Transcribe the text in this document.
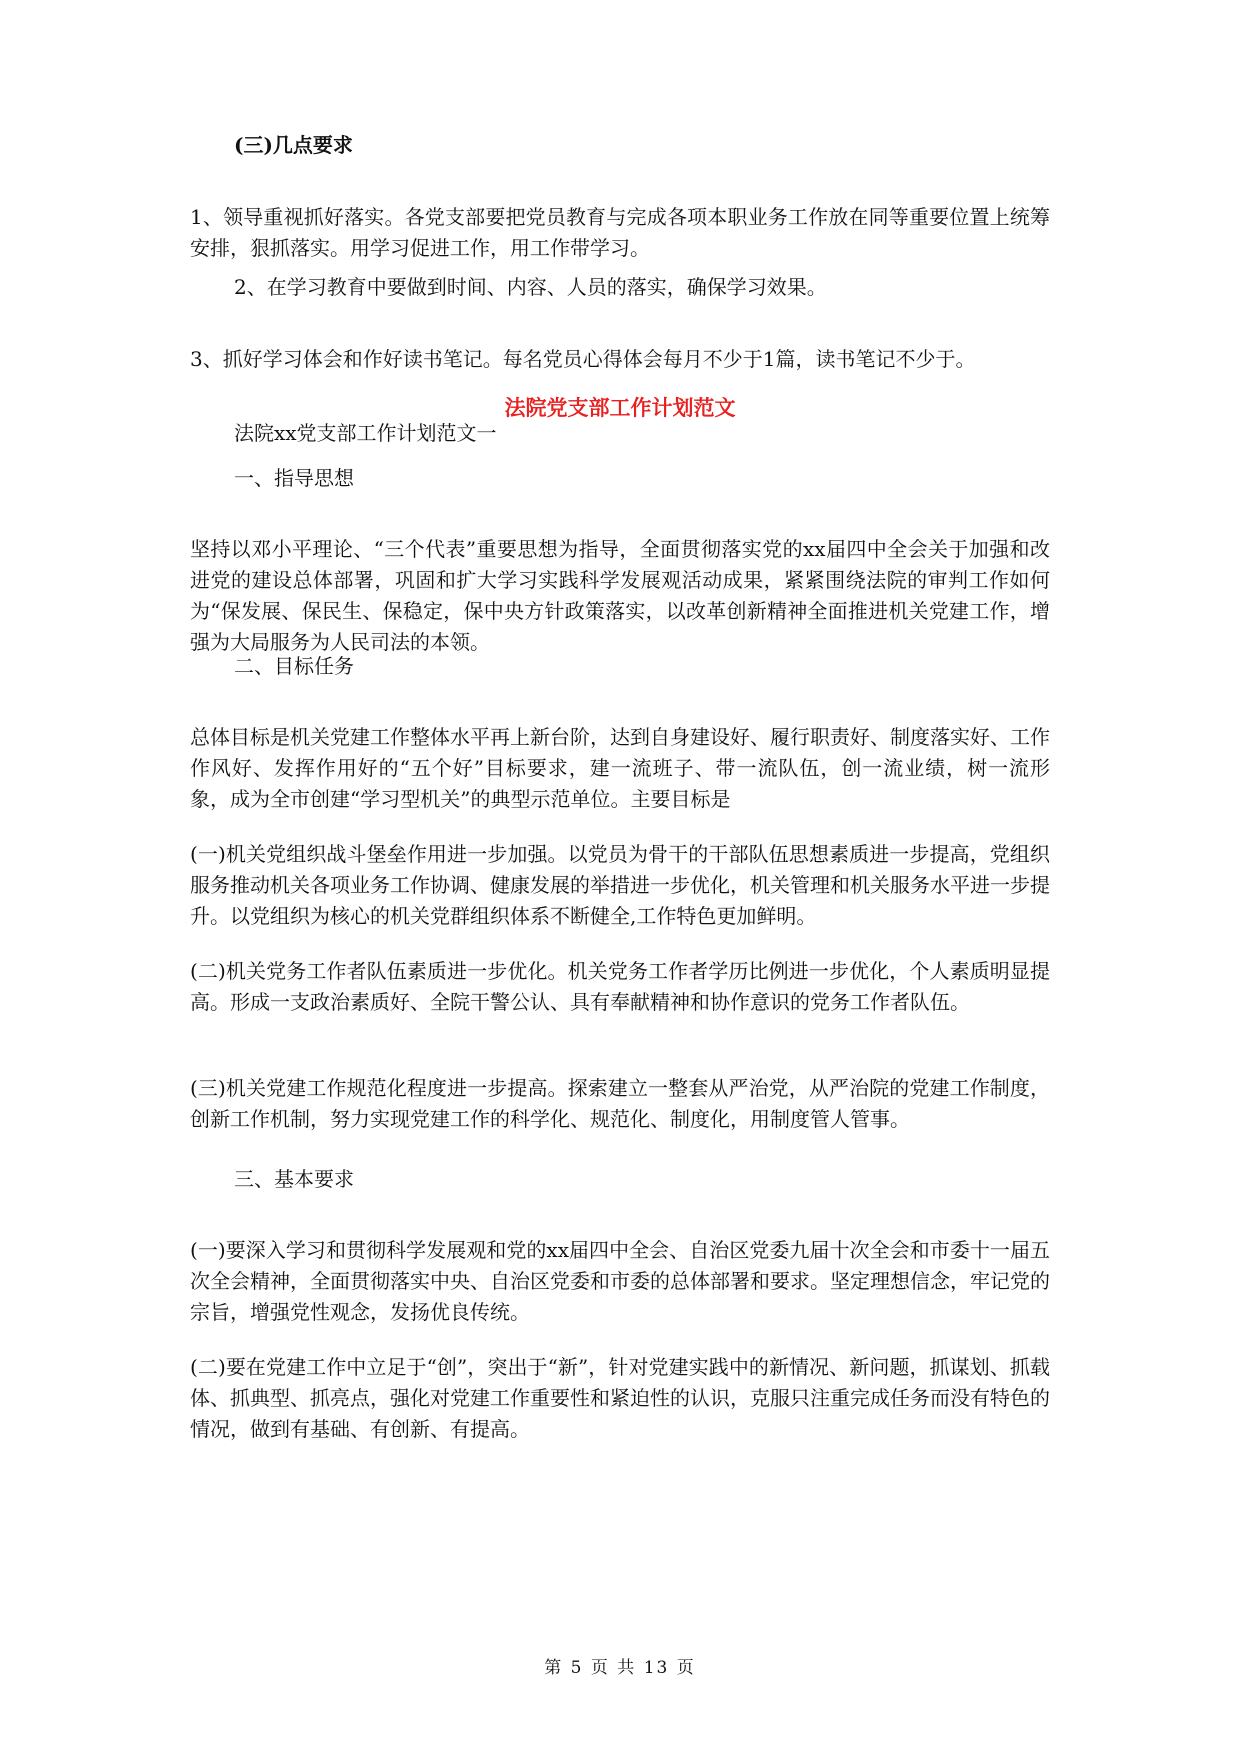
(三)几点要求

1、领导重视抓好落实。各党支部要把党员教育与完成各项本职业务工作放在同等重要位置上统筹安排，狠抓落实。用学习促进工作，用工作带学习。

2、在学习教育中要做到时间、内容、人员的落实，确保学习效果。

3、抓好学习体会和作好读书笔记。每名党员心得体会每月不少于1篇，读书笔记不少于。

法院党支部工作计划范文

法院xx党支部工作计划范文一

一、指导思想

坚持以邓小平理论、“三个代表”重要思想为指导，全面贯彻落实党的xx届四中全会关于加强和改进党的建设总体部署，巩固和扩大学习实践科学发展观活动成果，紧紧围绕法院的审判工作如何为“保发展、保民生、保稳定，保中央方针政策落实，以改革创新精神全面推进机关党建工作，增强为大局服务为人民司法的本领。

二、目标任务

总体目标是机关党建工作整体水平再上新台阶，达到自身建设好、履行职责好、制度落实好、工作作风好、发挥作用好的“五个好”目标要求，建一流班子、带一流队伍，创一流业绩，树一流形象，成为全市创建“学习型机关”的典型示范单位。主要目标是

(一)机关党组织战斗堡垒作用进一步加强。以党员为骨干的干部队伍思想素质进一步提高，党组织服务推动机关各项业务工作协调、健康发展的举措进一步优化，机关管理和机关服务水平进一步提升。以党组织为核心的机关党群组织体系不断健全,工作特色更加鲜明。

(二)机关党务工作者队伍素质进一步优化。机关党务工作者学历比例进一步优化，个人素质明显提高。形成一支政治素质好、全院干警公认、具有奉献精神和协作意识的党务工作者队伍。

(三)机关党建工作规范化程度进一步提高。探索建立一整套从严治党，从严治院的党建工作制度，创新工作机制，努力实现党建工作的科学化、规范化、制度化，用制度管人管事。

三、基本要求

(一)要深入学习和贯彻科学发展观和党的xx届四中全会、自治区党委九届十次全会和市委十一届五次全会精神，全面贯彻落实中央、自治区党委和市委的总体部署和要求。坚定理想信念，牢记党的宗旨，增强党性观念，发扬优良传统。

(二)要在党建工作中立足于“创”，突出于“新”，针对党建实践中的新情况、新问题，抓谋划、抓载体、抓典型、抓亮点，强化对党建工作重要性和紧迫性的认识，克服只注重完成任务而没有特色的情况，做到有基础、有创新、有提高。

第 5 页 共 13 页
